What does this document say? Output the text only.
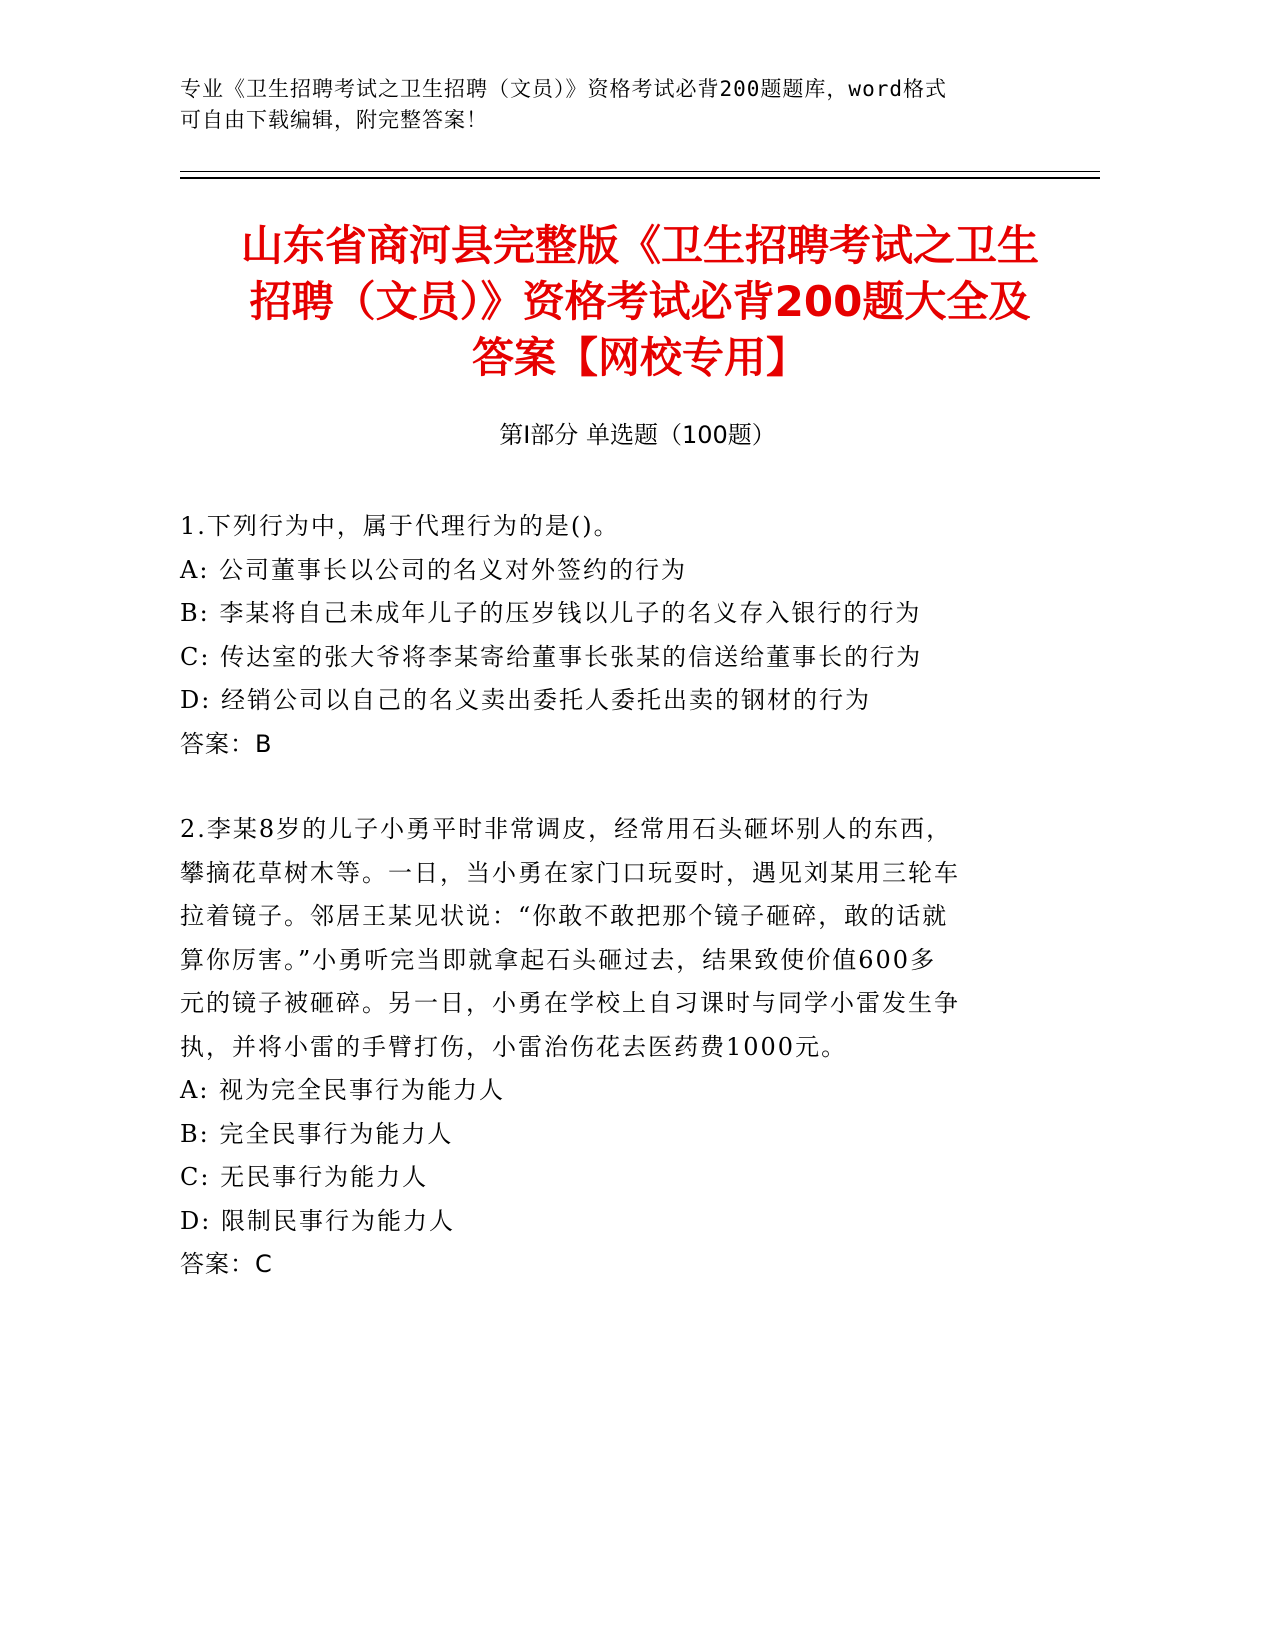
专业《卫生招聘考试之卫生招聘（文员）》资格考试必背200题题库，word格式
可自由下载编辑，附完整答案！
山东省商河县完整版《卫生招聘考试之卫生
招聘（文员）》资格考试必背200题大全及
答案【网校专用】
第Ⅰ部分 单选题（100题）
1.下列行为中，属于代理行为的是()。
A: 公司董事长以公司的名义对外签约的行为
B: 李某将自己未成年儿子的压岁钱以儿子的名义存入银行的行为
C: 传达室的张大爷将李某寄给董事长张某的信送给董事长的行为
D: 经销公司以自己的名义卖出委托人委托出卖的钢材的行为
答案：B
2.李某8岁的儿子小勇平时非常调皮，经常用石头砸坏别人的东西，
攀摘花草树木等。一日，当小勇在家门口玩耍时，遇见刘某用三轮车
拉着镜子。邻居王某见状说：“你敢不敢把那个镜子砸碎，敢的话就
算你厉害。”小勇听完当即就拿起石头砸过去，结果致使价值600多
元的镜子被砸碎。另一日，小勇在学校上自习课时与同学小雷发生争
执，并将小雷的手臂打伤，小雷治伤花去医药费1000元。
A: 视为完全民事行为能力人
B: 完全民事行为能力人
C: 无民事行为能力人
D: 限制民事行为能力人
答案：C
